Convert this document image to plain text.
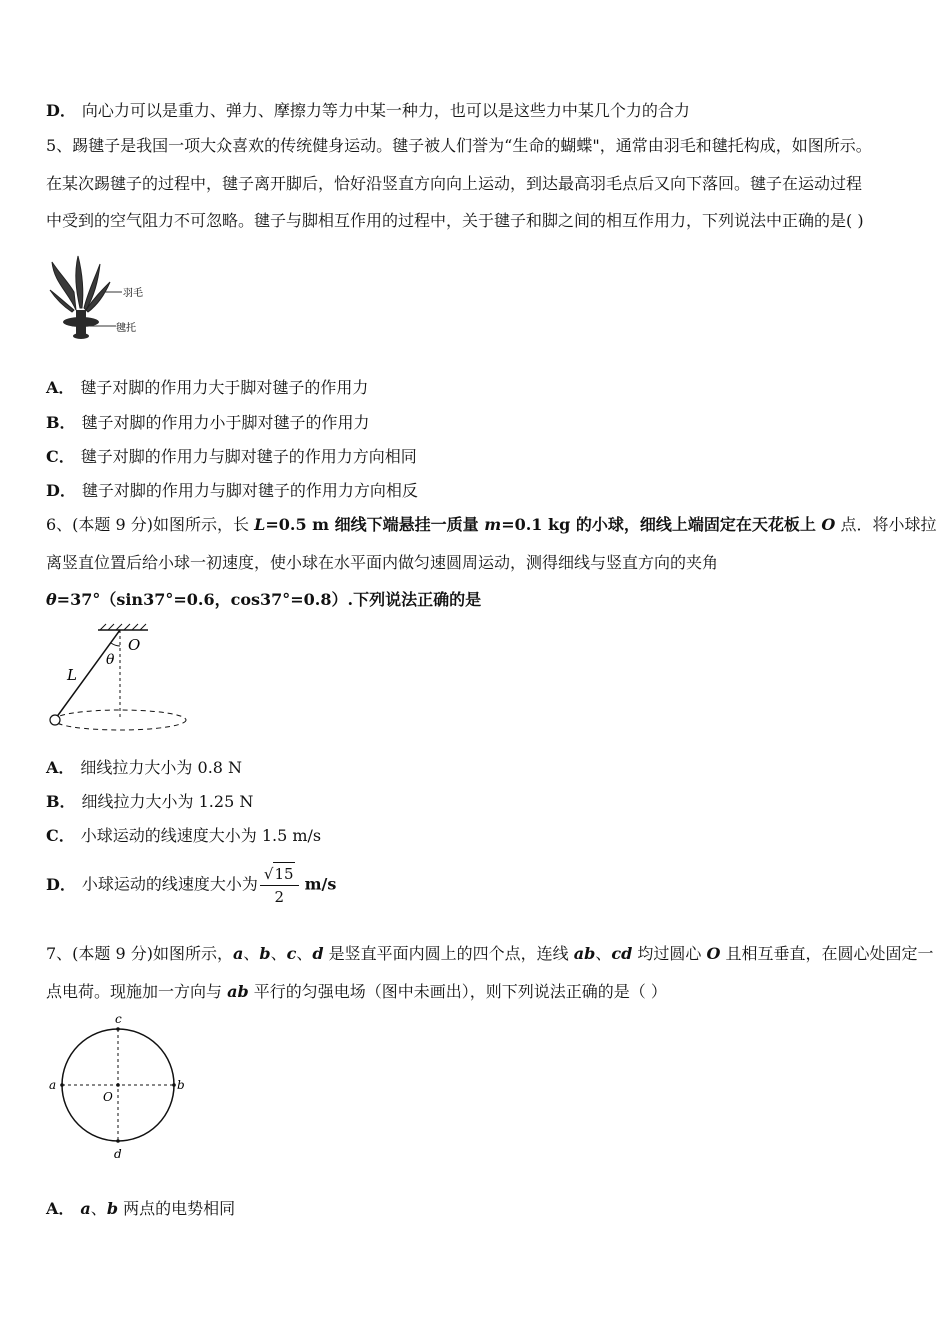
D． 向心力可以是重力、弹力、摩擦力等力中某一种力，也可以是这些力中某几个力的合力
5、踢毽子是我国一项大众喜欢的传统健身运动。毽子被人们誉为“生命的蝴蝶"，通常由羽毛和毽托构成，如图所示。
在某次踢毽子的过程中，毽子离开脚后，恰好沿竖直方向向上运动，到达最高羽毛点后又向下落回。毽子在运动过程
中受到的空气阻力不可忽略。毽子与脚相互作用的过程中，关于毽子和脚之间的相互作用力，下列说法中正确的是( )
羽毛
毽托
A． 毽子对脚的作用力大于脚对毽子的作用力
B． 毽子对脚的作用力小于脚对毽子的作用力
C． 毽子对脚的作用力与脚对毽子的作用力方向相同
D． 毽子对脚的作用力与脚对毽子的作用力方向相反
6、(本题 9 分)如图所示，长 L=0.5 m 细线下端悬挂一质量 m=0.1 kg 的小球，细线上端固定在天花板上 O 点．将小球拉
离竖直位置后给小球一初速度，使小球在水平面内做匀速圆周运动，测得细线与竖直方向的夹角
θ=37°（sin37°=0.6，cos37°=0.8）.下列说法正确的是
O
θ
L
A． 细线拉力大小为 0.8 N
B． 细线拉力大小为 1.25 N
C． 小球运动的线速度大小为 1.5 m/s
D． 小球运动的线速度大小为 $\frac{√15}{2} m/s$
7、(本题 9 分)如图所示，a、b、c、d 是竖直平面内圆上的四个点，连线 ab、cd 均过圆心 O 且相互垂直，在圆心处固定一
点电荷。现施加一方向与 ab 平行的匀强电场（图中未画出），则下列说法正确的是（ ）
a	b
c
d
O
A． a、b 两点的电势相同
